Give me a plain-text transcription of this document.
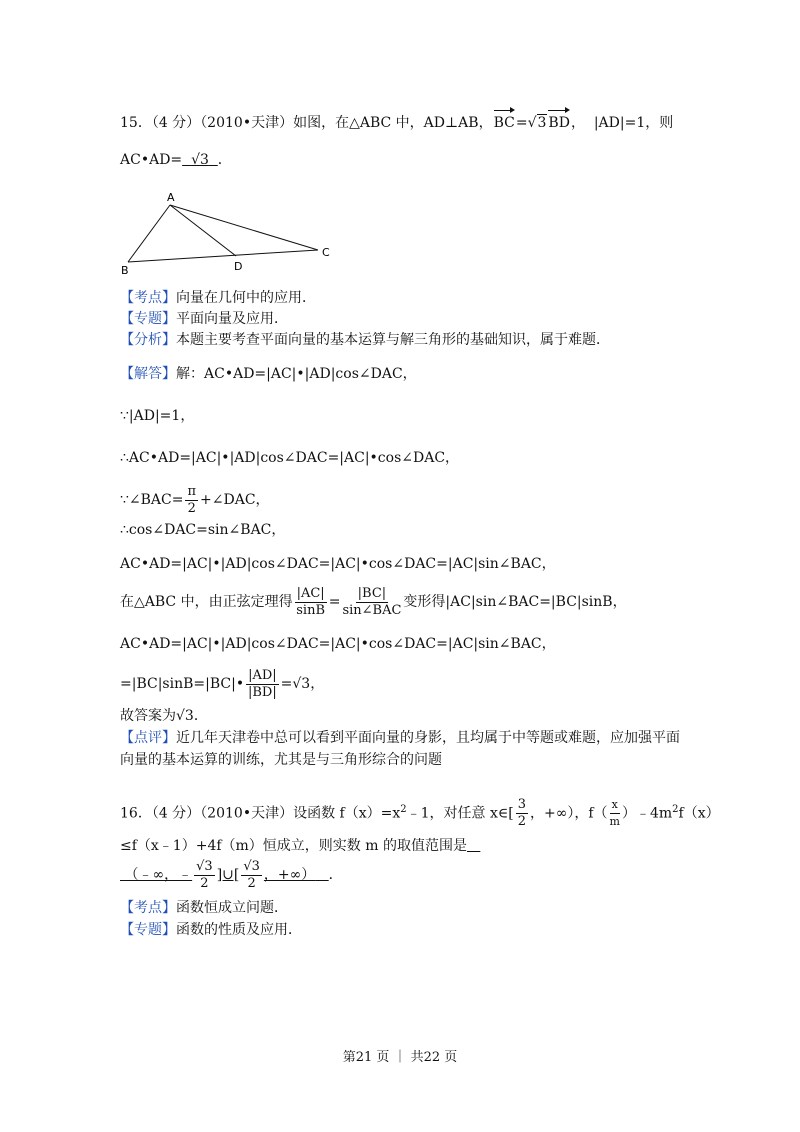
15．（4 分）（2010•天津）如图，在△ABC 中，AD⊥AB，BC=√3 BD， |AD|=1，则
AC•AD= √3 ．
A
B
C
D
【考点】向量在几何中的应用．
【专题】平面向量及应用．
【分析】本题主要考查平面向量的基本运算与解三角形的基础知识，属于难题．
【解答】解：AC•AD=|AC|•|AD|cos∠DAC，
∵|AD|=1，
∴AC•AD=|AC|•|AD|cos∠DAC=|AC|•cos∠DAC，
∵∠BAC= $\frac{\pi}{2}$ +∠DAC，
∴cos∠DAC=sin∠BAC，
AC•AD=|AC|•|AD|cos∠DAC=|AC|•cos∠DAC=|AC|sin∠BAC，
在△ABC 中，由正弦定理得 $\frac{|AC|}{\sin B} = \frac{|BC|}{\text{sin∠BAC}}$ 变形得|AC|sin∠BAC=|BC|sinB，
AC•AD=|AC|•|AD|cos∠DAC=|AC|•cos∠DAC=|AC|sin∠BAC，
=|BC|sinB=|BC|• $\frac{|AD|}{|BD|} =√3$，
故答案为√3．
【点评】近几年天津卷中总可以看到平面向量的身影，且均属于中等题或难题，应加强平面
向量的基本运算的训练，尤其是与三角形综合的问题
16．（4 分）（2010•天津）设函数 $f(x)=x^2﹣1$，对任意 x∈[ $\frac{3}{2}$ ，+∞），$f( \frac{x}{m}$ ）$﹣4m^2f(x)$
≤f（x﹣1）+4f（m）恒成立，则实数 m 的取值范围是
（﹣∞，﹣ $\frac{√3}{2}$ ]∪[ $\frac{√3}{2}$ ，+∞） ．
【考点】函数恒成立问题．
【专题】函数的性质及应用．
第21 页 ｜ 共22 页
